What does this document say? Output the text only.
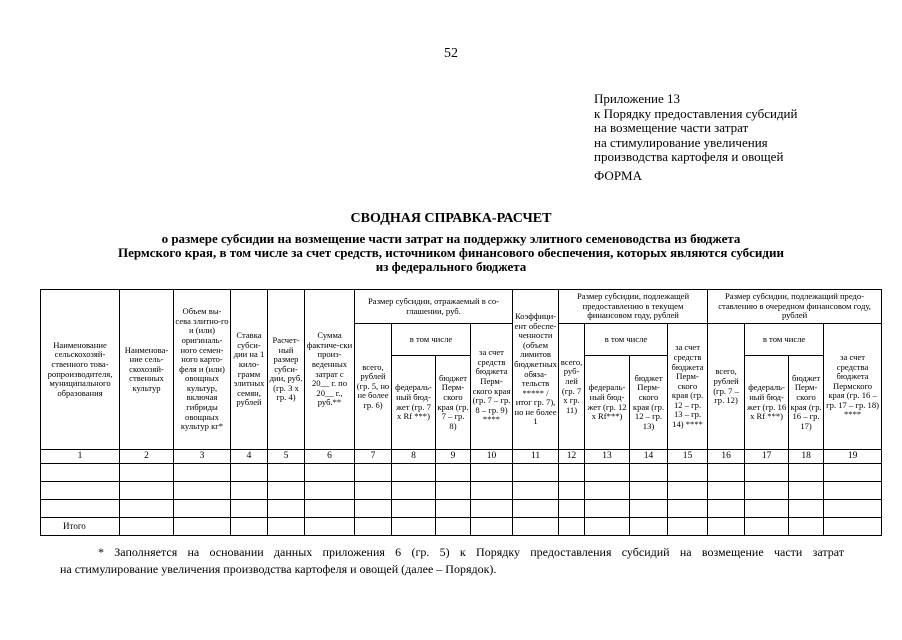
52
Приложение 13
к Порядку предоставления субсидий
на возмещение части затрат
на стимулирование увеличения
производства картофеля и овощей
ФОРМА
СВОДНАЯ СПРАВКА-РАСЧЕТ
о размере субсидии на возмещение части затрат на поддержку элитного семеноводства из бюджета
Пермского края, в том числе за счет средств, источником финансового обеспечения, которых являются субсидии
из федерального бюджета
Наименование сельскохозяй-ственного това-ропроизводителя, муниципального образования	Наименова-ние сель-скохозяй-ственных культур	Объем вы-сева элитно-го и (или) оригиналь-ного семен-ного карто-феля и (или) овощных культур, включая гибриды овощных культур кг*	Ставка субси-дии на 1 кило-грамм элитных семян, рублей	Расчет-ный размер субси-дии, руб. (гр. 3 х гр. 4)	Сумма фактиче-ски произ-веденных затрат с 20__ г. по 20__ г., руб.**	Размер субсидии, отражаемый в со-глашении, руб.				Коэффици-ент обеспе-ченности (объем лимитов бюджетных обяза-тельств ***** / итог гр. 7), но не более 1	Размер субсидии, подлежащей предоставлению в текущем финансовом году, рублей				Размер субсидии, подлежащий предо-ставлению в очередном финансовом году, рублей			
						всего, рублей (гр. 5, но не более гр. 6)	в том числе		за счет средств бюджета Перм-ского края (гр. 7 – гр. 8 – гр. 9) ****		всего, руб-лей (гр. 7 х гр. 11)	в том числе		за счет средств бюджета Перм-ского края (гр. 12 – гр. 13 – гр. 14) ****	всего, рублей (гр. 7 – гр. 12)	в том числе		за счет средства бюджета Пермского края (гр. 16 – гр. 17 – гр. 18) ****
							федераль-ный бюд-жет (гр. 7 х Rf ***)	бюджет Перм-ского края (гр. 7 – гр. 8)				федераль-ный бюд-жет (гр. 12 х Rf***)	бюджет Перм-ского края (гр. 12 – гр. 13)			федераль-ный бюд-жет (гр. 16 х Rf ***)	бюджет Перм-ского края (гр. 16 – гр. 17)	
1	2	3	4	5	6	7	8	9	10	11	12	13	14	15	16	17	18	19

Итого																		
* Заполняется на основании данных приложения 6 (гр. 5) к Порядку предоставления субсидий на возмещение части затрат
на стимулирование увеличения производства картофеля и овощей (далее – Порядок).
